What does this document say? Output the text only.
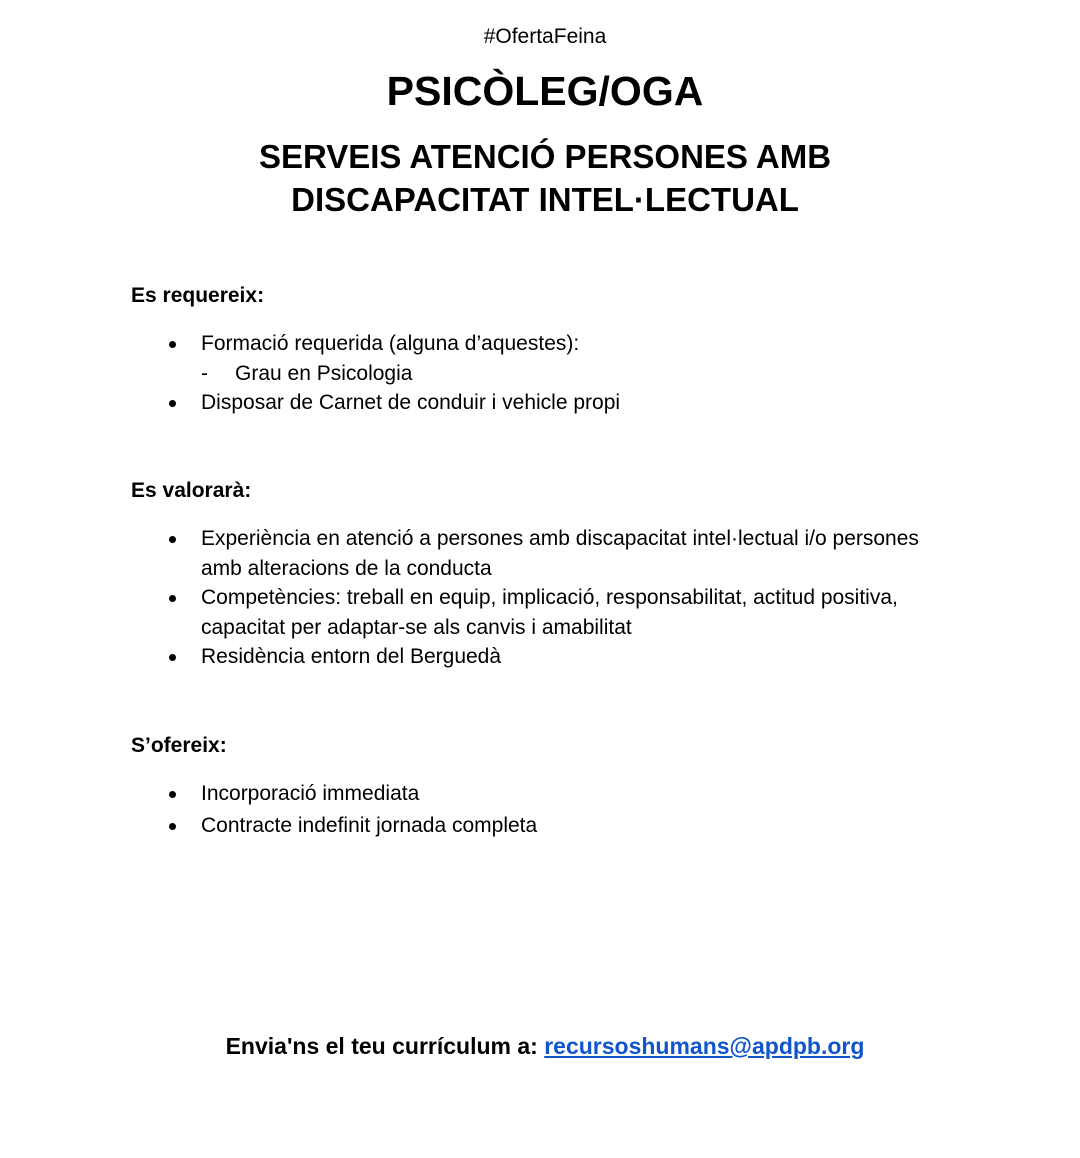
#OfertaFeina
PSICÒLEG/OGA
SERVEIS ATENCIÓ PERSONES AMB
DISCAPACITAT INTEL·LECTUAL

Es requereix:

Formació requerida (alguna d’aquestes):
- Grau en Psicologia
Disposar de Carnet de conduir i vehicle propi

Es valorarà:

Experiència en atenció a persones amb discapacitat intel·lectual i/o persones amb alteracions de la conducta
Competències: treball en equip, implicació, responsabilitat, actitud positiva, capacitat per adaptar-se als canvis i amabilitat
Residència entorn del Berguedà

S’ofereix:

Incorporació immediata
Contracte indefinit jornada completa
Envia'ns el teu currículum a: recursoshumans@apdpb.org
